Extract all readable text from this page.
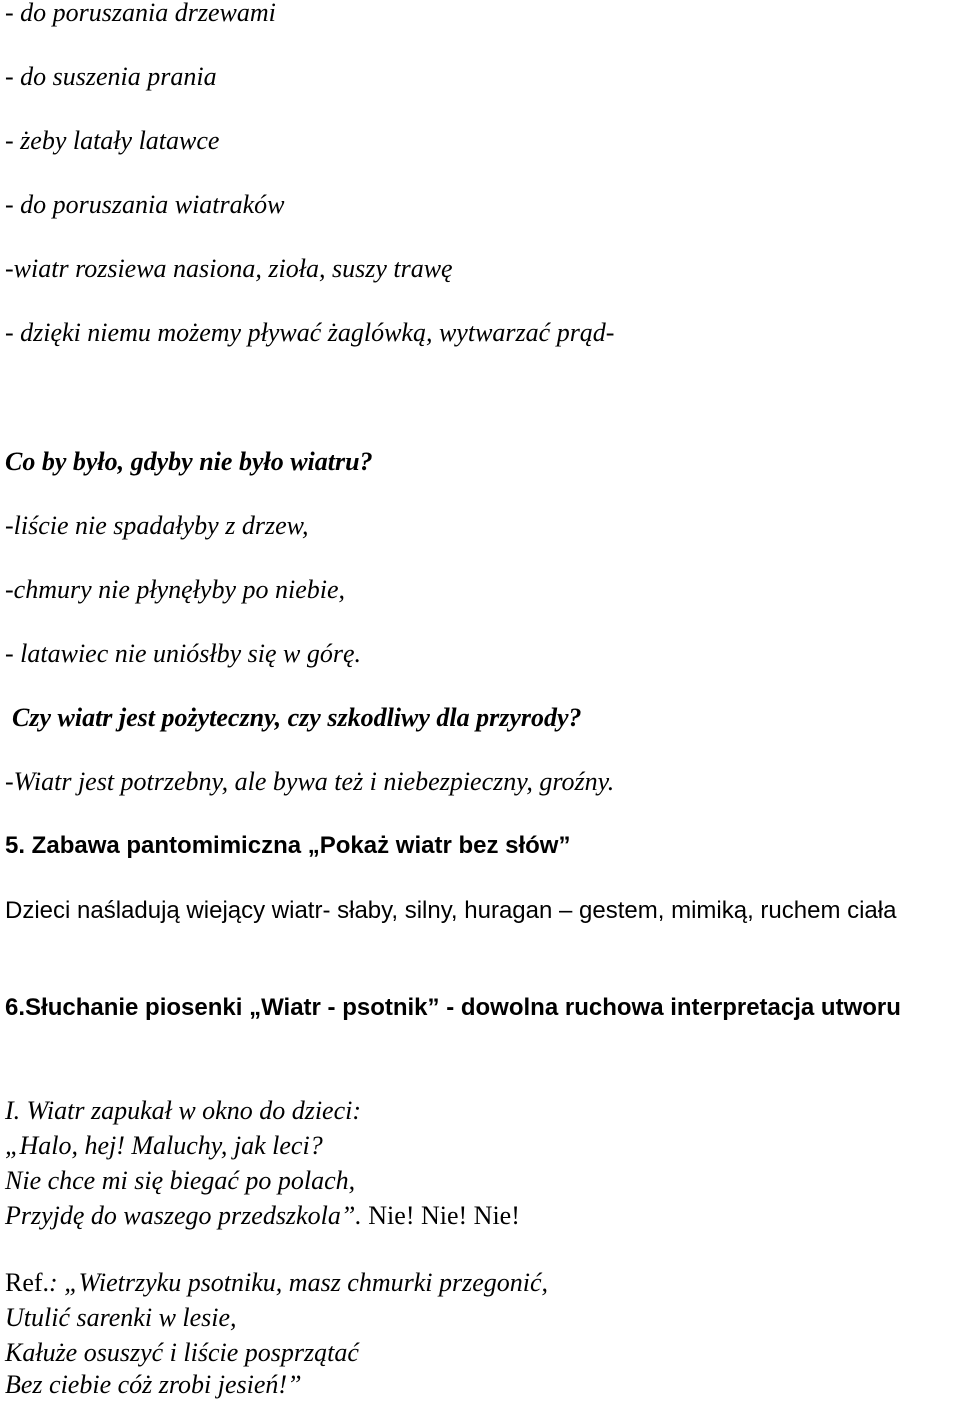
- do poruszania drzewami
- do suszenia prania
- żeby latały latawce
- do poruszania wiatraków
-wiatr rozsiewa nasiona, zioła, suszy trawę
- dzięki niemu możemy pływać żaglówką, wytwarzać prąd-
Co by było, gdyby nie było wiatru?
-liście nie spadałyby z drzew,
-chmury nie płynęłyby po niebie,
- latawiec nie uniósłby się w górę.
Czy wiatr jest pożyteczny, czy szkodliwy dla przyrody?
-Wiatr jest potrzebny, ale bywa też i niebezpieczny, groźny.
5. Zabawa pantomimiczna „Pokaż wiatr bez słów”
Dzieci naśladują wiejący wiatr- słaby, silny, huragan – gestem, mimiką, ruchem ciała
6.Słuchanie piosenki „Wiatr - psotnik” - dowolna ruchowa interpretacja utworu
I. Wiatr zapukał w okno do dzieci:
„Halo, hej! Maluchy, jak leci?
Nie chce mi się biegać po polach,
Przyjdę do waszego przedszkola”. Nie! Nie! Nie!
Ref.: „Wietrzyku psotniku, masz chmurki przegonić,
Utulić sarenki w lesie,
Kałuże osuszyć i liście posprzątać
Bez ciebie cóż zrobi jesień!”
